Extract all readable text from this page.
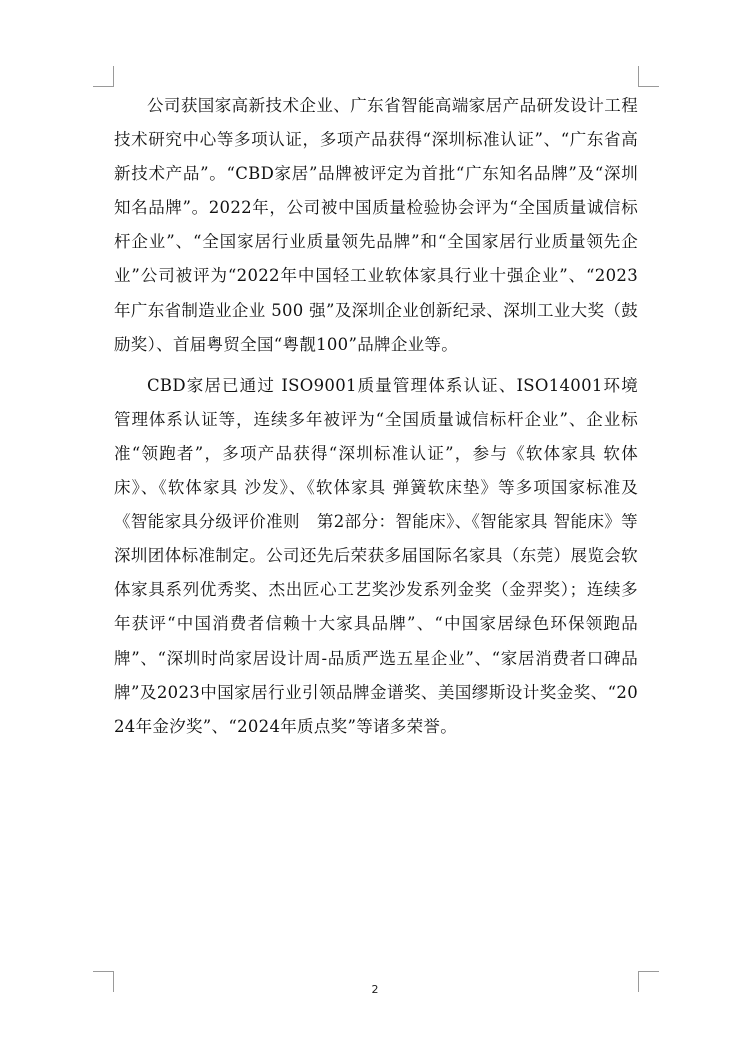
公司获国家高新技术企业、广东省智能高端家居产品研发设计工程技术研究中心等多项认证，多项产品获得“深圳标准认证”、“广东省高新技术产品”。“CBD家居”品牌被评定为首批“广东知名品牌”及“深圳知名品牌”。2022年，公司被中国质量检验协会评为“全国质量诚信标杆企业”、“全国家居行业质量领先品牌”和“全国家居行业质量领先企业”公司被评为“2022年中国轻工业软体家具行业十强企业”、“2023年广东省制造业企业 500 强”及深圳企业创新纪录、深圳工业大奖（鼓励奖）、首届粤贸全国“粤靓100”品牌企业等。

CBD家居已通过 ISO9001质量管理体系认证、ISO14001环境管理体系认证等，连续多年被评为“全国质量诚信标杆企业”、企业标准“领跑者”，多项产品获得“深圳标准认证”，参与《软体家具 软体床》、《软体家具 沙发》、《软体家具 弹簧软床垫》等多项国家标准及《智能家具分级评价准则　第2部分：智能床》、《智能家具 智能床》等深圳团体标准制定。公司还先后荣获多届国际名家具（东莞）展览会软体家具系列优秀奖、杰出匠心工艺奖沙发系列金奖（金羿奖）；连续多年获评“中国消费者信赖十大家具品牌”、“中国家居绿色环保领跑品牌”、“深圳时尚家居设计周-品质严选五星企业”、“家居消费者口碑品牌”及2023中国家居行业引领品牌金谱奖、美国缪斯设计奖金奖、“2024年金汐奖”、“2024年质点奖”等诸多荣誉。

2
